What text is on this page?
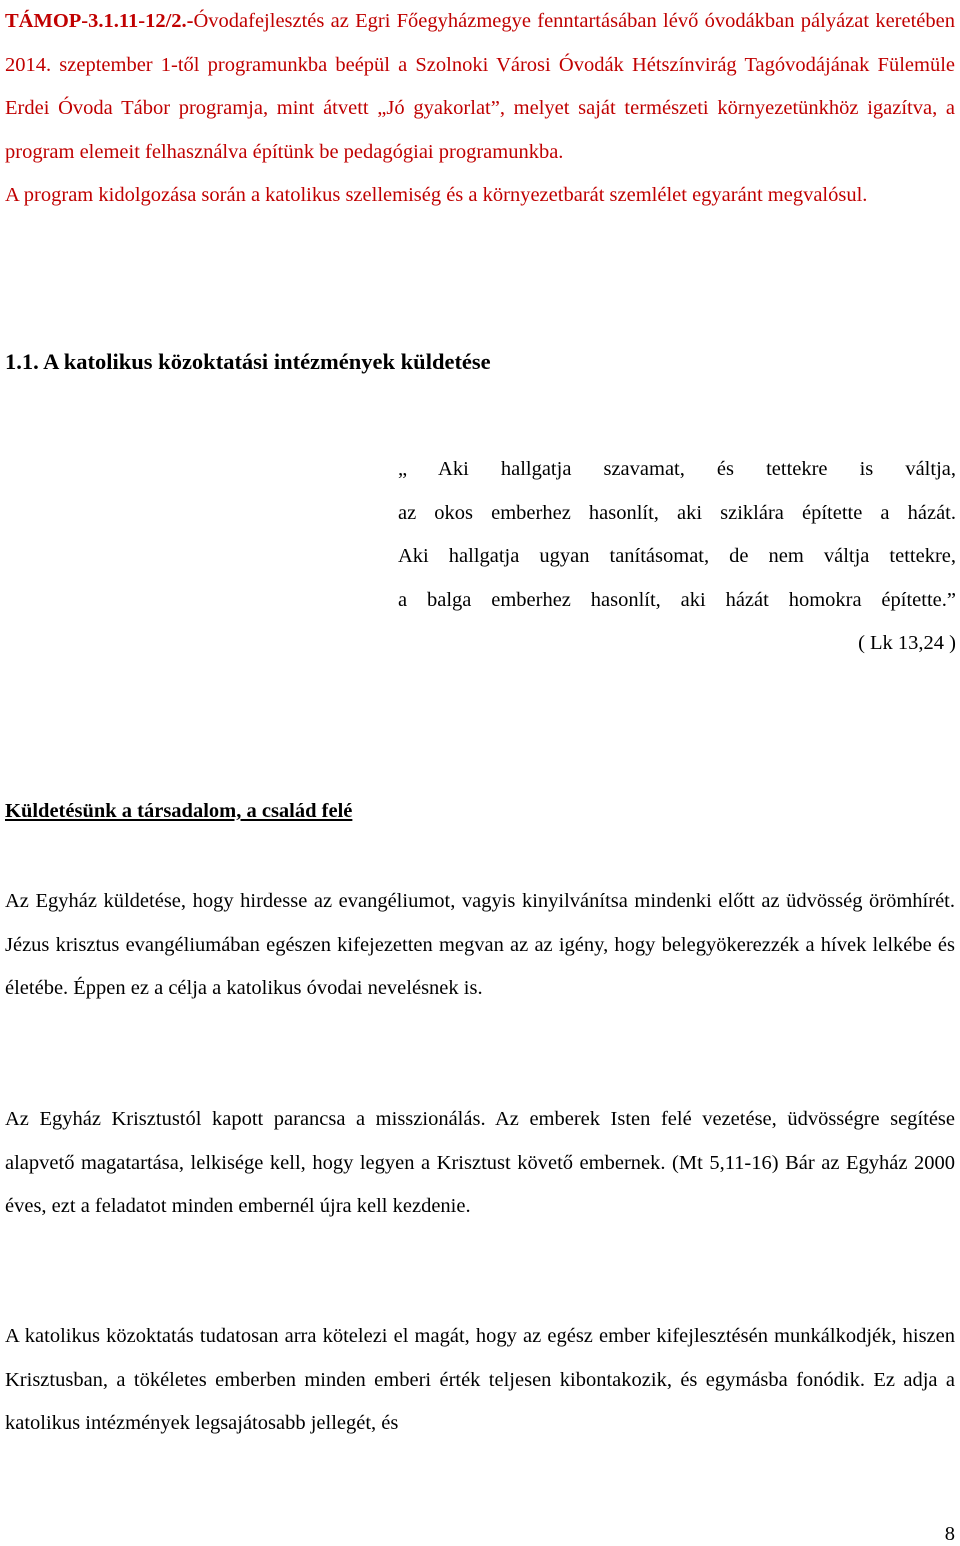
TÁMOP-3.1.11-12/2.-Óvodafejlesztés az Egri Főegyházmegye fenntartásában lévő óvodákban pályázat keretében 2014. szeptember 1-től programunkba beépül a Szolnoki Városi Óvodák Hétszínvirág Tagóvodájának Fülemüle Erdei Óvoda Tábor programja, mint átvett „Jó gyakorlat”, melyet saját természeti környezetünkhöz igazítva, a program elemeit felhasználva építünk be pedagógiai programunkba.

A program kidolgozása során a katolikus szellemiség és a környezetbarát szemlélet egyaránt megvalósul.

1.1. A katolikus közoktatási intézmények küldetése
„ Aki hallgatja szavamat, és tettekre is váltja,
az okos emberhez hasonlít, aki sziklára építette a házát.
Aki hallgatja ugyan tanításomat, de nem váltja tettekre,
a balga emberhez hasonlít, aki házát homokra építette.”
( Lk 13,24 )
Küldetésünk a társadalom, a család felé

Az Egyház küldetése, hogy hirdesse az evangéliumot, vagyis kinyilvánítsa mindenki előtt az üdvösség örömhírét. Jézus krisztus evangéliumában egészen kifejezetten megvan az az igény, hogy belegyökerezzék a hívek lelkébe és életébe. Éppen ez a célja a katolikus óvodai nevelésnek is.

Az Egyház Krisztustól kapott parancsa a misszionálás. Az emberek Isten felé vezetése, üdvösségre segítése alapvető magatartása, lelkisége kell, hogy legyen a Krisztust követő embernek. (Mt 5,11-16) Bár az Egyház 2000 éves, ezt a feladatot minden embernél újra kell kezdenie.

A katolikus közoktatás tudatosan arra kötelezi el magát, hogy az egész ember kifejlesztésén munkálkodjék, hiszen Krisztusban, a tökéletes emberben minden emberi érték teljesen kibontakozik, és egymásba fonódik. Ez adja a katolikus intézmények legsajátosabb jellegét, és

8
